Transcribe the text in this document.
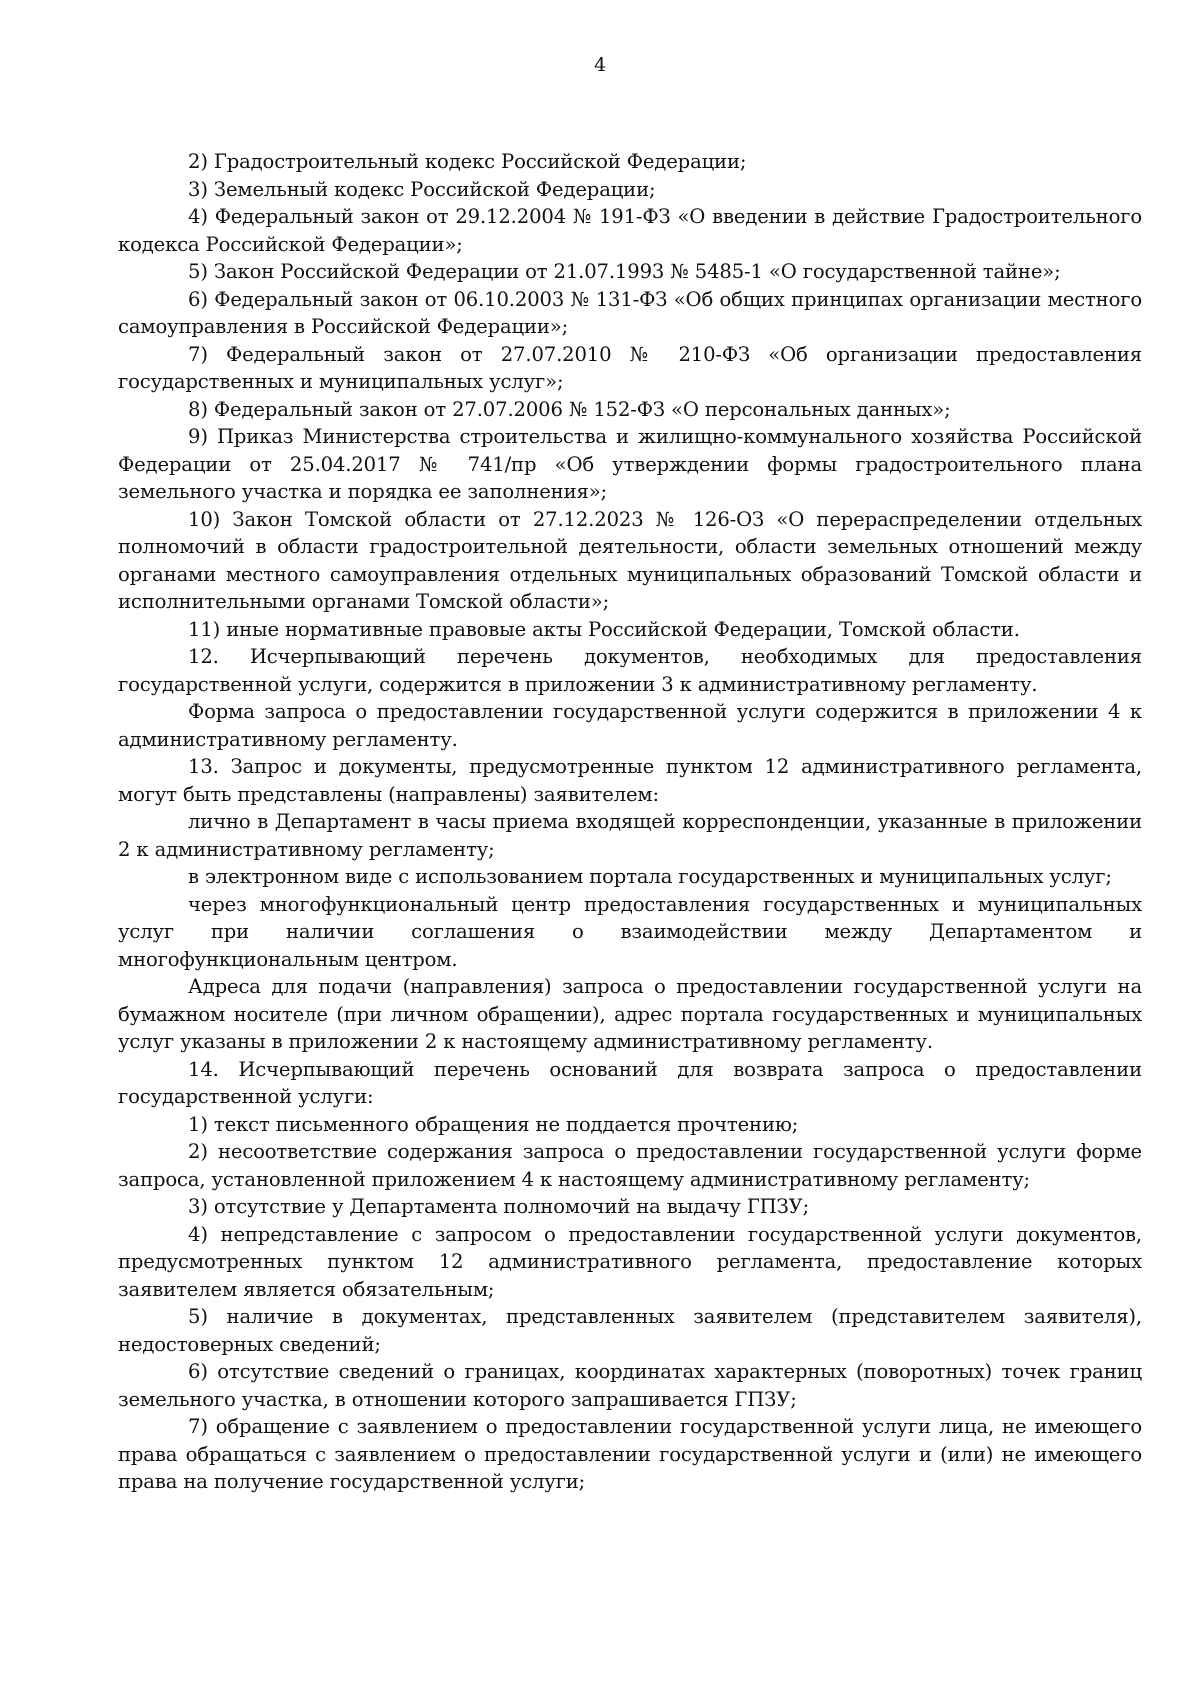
4

2) Градостроительный кодекс Российской Федерации;

3) Земельный кодекс Российской Федерации;

4) Федеральный закон от 29.12.2004 № 191-ФЗ «О введении в действие Градостроительного кодекса Российской Федерации»;

5) Закон Российской Федерации от 21.07.1993 № 5485-1 «О государственной тайне»;

6) Федеральный закон от 06.10.2003 № 131-ФЗ «Об общих принципах организации местного самоуправления в Российской Федерации»;

7) Федеральный закон от 27.07.2010 № 210-ФЗ «Об организации предоставления государственных и муниципальных услуг»;

8) Федеральный закон от 27.07.2006 № 152-ФЗ «О персональных данных»;

9) Приказ Министерства строительства и жилищно-коммунального хозяйства Российской Федерации от 25.04.2017 № 741/пр «Об утверждении формы градостроительного плана земельного участка и порядка ее заполнения»;

10) Закон Томской области от 27.12.2023 № 126-ОЗ «О перераспределении отдельных полномочий в области градостроительной деятельности, области земельных отношений между органами местного самоуправления отдельных муниципальных образований Томской области и исполнительными органами Томской области»;

11) иные нормативные правовые акты Российской Федерации, Томской области.

12. Исчерпывающий перечень документов, необходимых для предоставления государственной услуги, содержится в приложении 3 к административному регламенту.

Форма запроса о предоставлении государственной услуги содержится в приложении 4 к административному регламенту.

13. Запрос и документы, предусмотренные пунктом 12 административного регламента, могут быть представлены (направлены) заявителем:

лично в Департамент в часы приема входящей корреспонденции, указанные в приложении 2 к административному регламенту;

в электронном виде с использованием портала государственных и муниципальных услуг;

через многофункциональный центр предоставления государственных и муниципальных услуг при наличии соглашения о взаимодействии между Департаментом и многофункциональным центром.

Адреса для подачи (направления) запроса о предоставлении государственной услуги на бумажном носителе (при личном обращении), адрес портала государственных и муниципальных услуг указаны в приложении 2 к настоящему административному регламенту.

14. Исчерпывающий перечень оснований для возврата запроса о предоставлении государственной услуги:

1) текст письменного обращения не поддается прочтению;

2) несоответствие содержания запроса о предоставлении государственной услуги форме запроса, установленной приложением 4 к настоящему административному регламенту;

3) отсутствие у Департамента полномочий на выдачу ГПЗУ;

4) непредставление с запросом о предоставлении государственной услуги документов, предусмотренных пунктом 12 административного регламента, предоставление которых заявителем является обязательным;

5) наличие в документах, представленных заявителем (представителем заявителя), недостоверных сведений;

6) отсутствие сведений о границах, координатах характерных (поворотных) точек границ земельного участка, в отношении которого запрашивается ГПЗУ;

7) обращение с заявлением о предоставлении государственной услуги лица, не имеющего права обращаться с заявлением о предоставлении государственной услуги и (или) не имеющего права на получение государственной услуги;
